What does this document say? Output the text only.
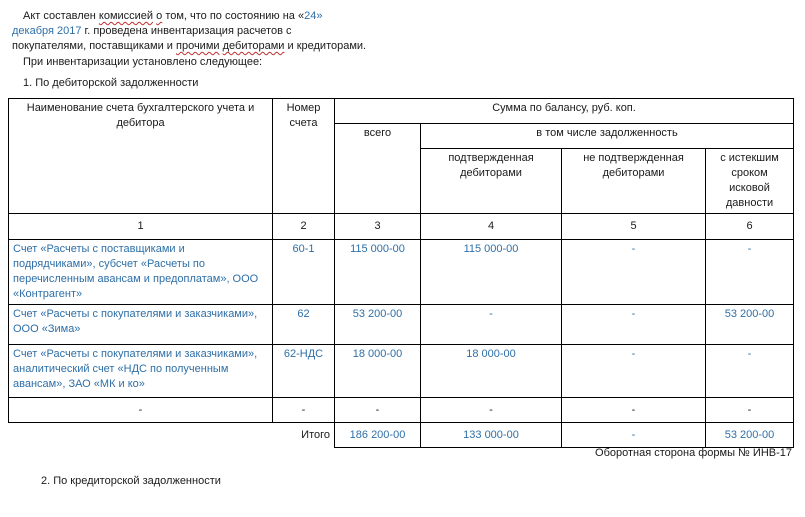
Акт составлен комиссией о том, что по состоянию на «24»
декабря 2017 г. проведена инвентаризация расчетов с
покупателями, поставщиками и прочими дебиторами и кредиторами.
При инвентаризации установлено следующее:
1. По дебиторской задолженности
Наименование счета бухгалтерского учета и дебитора	Номер счета	Сумма по балансу, руб. коп.			
		всего	в том числе задолженность		
			подтвержденная дебиторами	не подтвержденная дебиторами	с истекшим сроком исковой давности
1	2	3	4	5	6
Счет «Расчеты с поставщиками и подрядчиками», субсчет «Расчеты по перечисленным авансам и предоплатам», ООО «Контрагент»	60-1	115 000-00	115 000-00	-	-
Счет «Расчеты с покупателями и заказчиками», ООО «Зима»	62	53 200-00	-	-	53 200-00
Счет «Расчеты с покупателями и заказчиками», аналитический счет «НДС по полученным авансам», ЗАО «МК и ко»	62-НДС	18 000-00	18 000-00	-	-
-	-	-	-	-	-
	Итого	186 200-00	133 000-00	-	53 200-00
Оборотная сторона формы № ИНВ-17
2. По кредиторской задолженности
